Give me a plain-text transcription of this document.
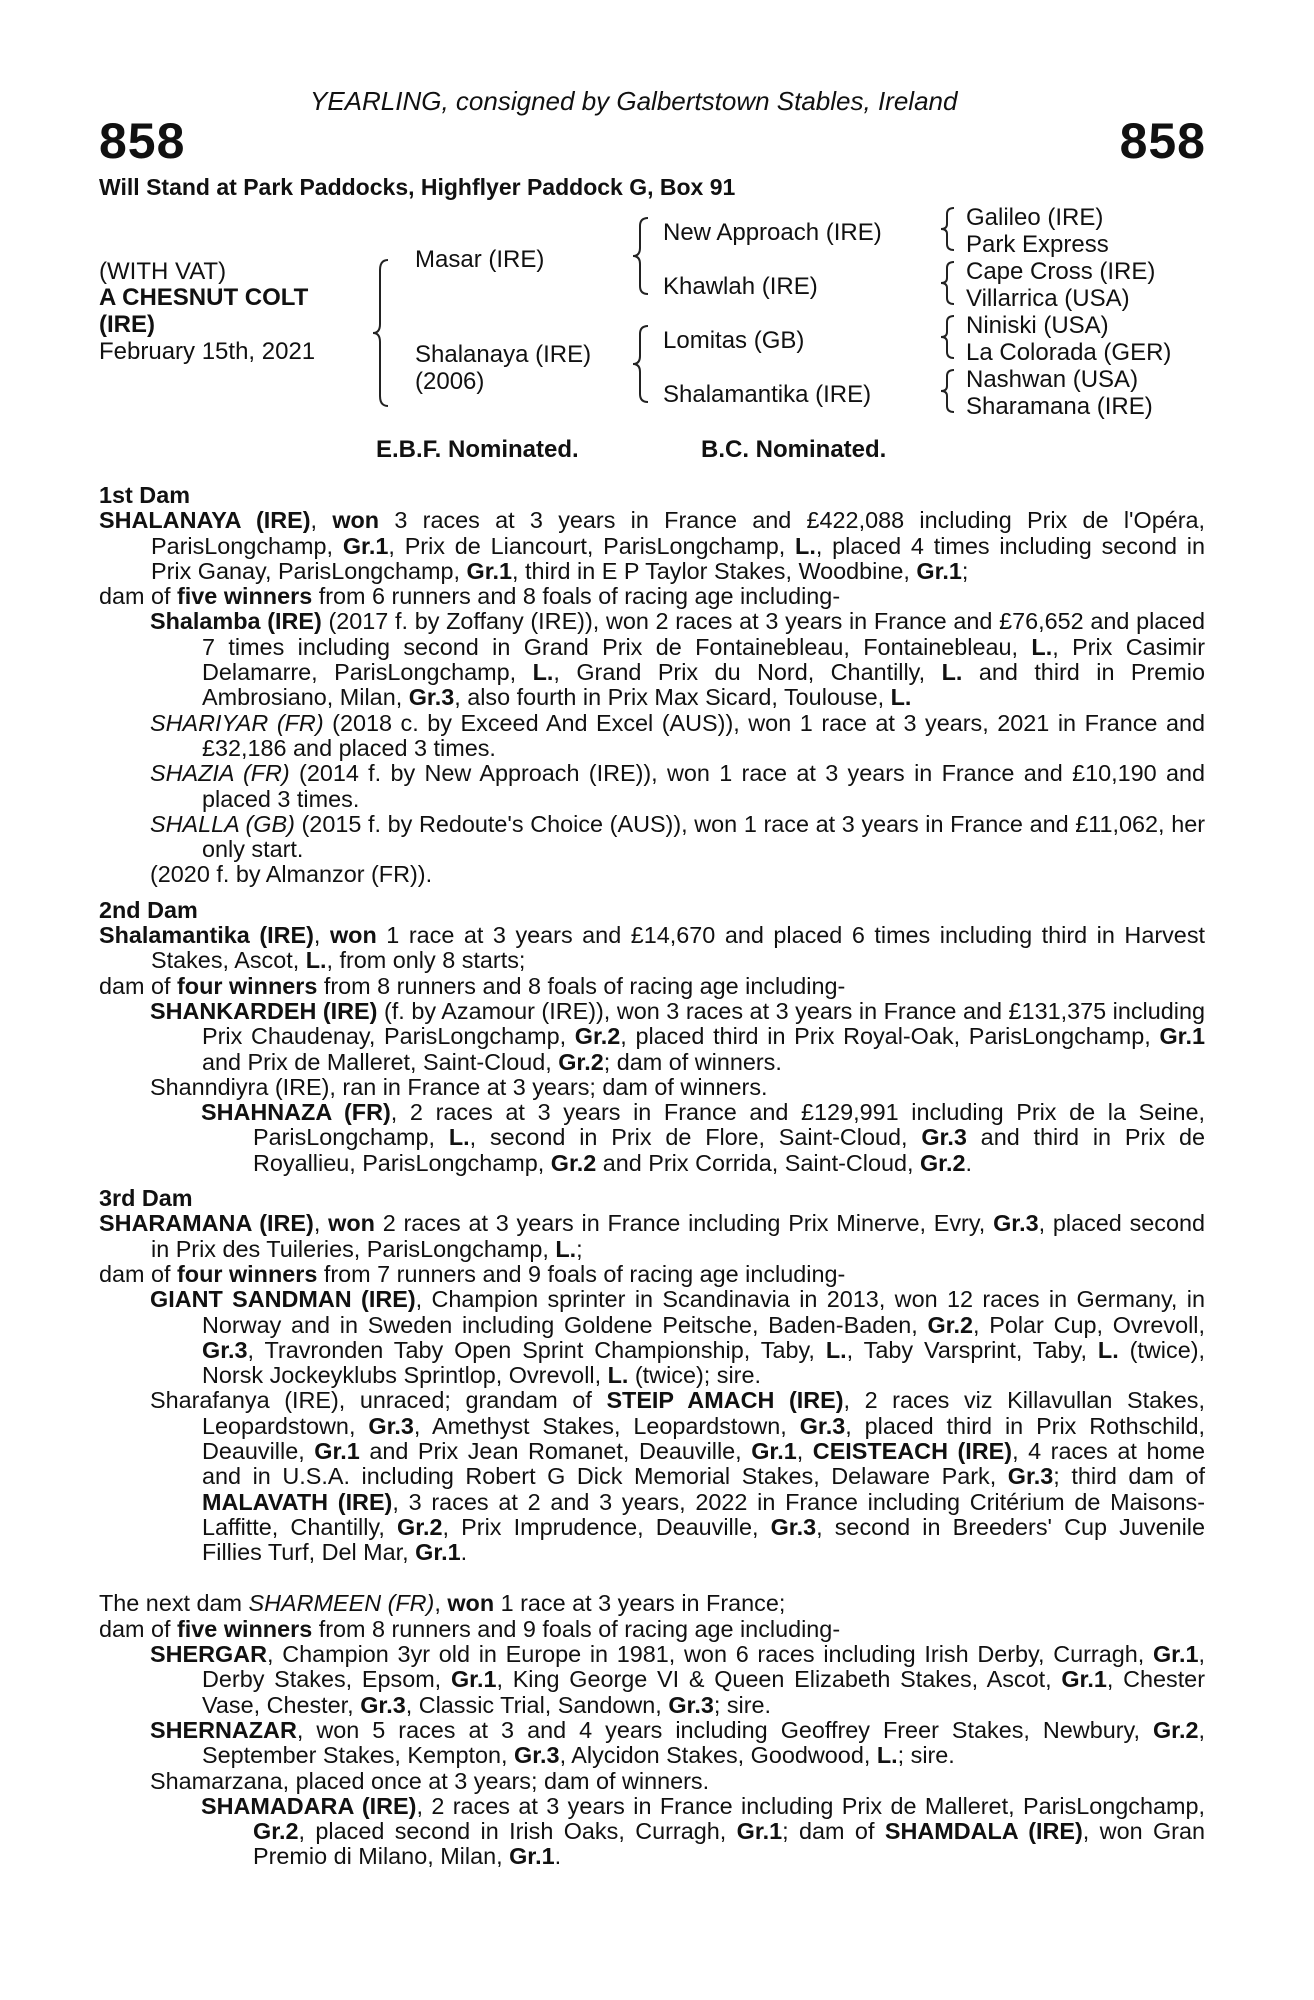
858	858
YEARLING, consigned by Galbertstown Stables, Ireland
Will Stand at Park Paddocks, Highflyer Paddock G, Box 91
(WITH VAT)
A CHESNUT COLT
(IRE)
February 15th, 2021
Masar (IRE)
Shalanaya (IRE)
(2006)
New Approach (IRE)
Khawlah (IRE)
Lomitas (GB)
Shalamantika (IRE)
Galileo (IRE)
Park Express
Cape Cross (IRE)
Villarrica (USA)
Niniski (USA)
La Colorada (GER)
Nashwan (USA)
Sharamana (IRE)
E.B.F. Nominated.	B.C. Nominated.
1st Dam
SHALANAYA (IRE), won 3 races at 3 years in France and £422,088 including Prix de l'Opéra, ParisLongchamp, Gr.1, Prix de Liancourt, ParisLongchamp, L., placed 4 times including second in Prix Ganay, ParisLongchamp, Gr.1, third in E P Taylor Stakes, Woodbine, Gr.1;
dam of five winners from 6 runners and 8 foals of racing age including-
Shalamba (IRE) (2017 f. by Zoffany (IRE)), won 2 races at 3 years in France and £76,652 and placed 7 times including second in Grand Prix de Fontainebleau, Fontainebleau, L., Prix Casimir Delamarre, ParisLongchamp, L., Grand Prix du Nord, Chantilly, L. and third in Premio Ambrosiano, Milan, Gr.3, also fourth in Prix Max Sicard, Toulouse, L.
SHARIYAR (FR) (2018 c. by Exceed And Excel (AUS)), won 1 race at 3 years, 2021 in France and £32,186 and placed 3 times.
SHAZIA (FR) (2014 f. by New Approach (IRE)), won 1 race at 3 years in France and £10,190 and placed 3 times.
SHALLA (GB) (2015 f. by Redoute's Choice (AUS)), won 1 race at 3 years in France and £11,062, her only start.
(2020 f. by Almanzor (FR)).
2nd Dam
Shalamantika (IRE), won 1 race at 3 years and £14,670 and placed 6 times including third in Harvest Stakes, Ascot, L., from only 8 starts;
dam of four winners from 8 runners and 8 foals of racing age including-
SHANKARDEH (IRE) (f. by Azamour (IRE)), won 3 races at 3 years in France and £131,375 including Prix Chaudenay, ParisLongchamp, Gr.2, placed third in Prix Royal-Oak, ParisLongchamp, Gr.1 and Prix de Malleret, Saint-Cloud, Gr.2; dam of winners.
Shanndiyra (IRE), ran in France at 3 years; dam of winners.
SHAHNAZA (FR), 2 races at 3 years in France and £129,991 including Prix de la Seine, ParisLongchamp, L., second in Prix de Flore, Saint-Cloud, Gr.3 and third in Prix de Royallieu, ParisLongchamp, Gr.2 and Prix Corrida, Saint-Cloud, Gr.2.
3rd Dam
SHARAMANA (IRE), won 2 races at 3 years in France including Prix Minerve, Evry, Gr.3, placed second in Prix des Tuileries, ParisLongchamp, L.;
dam of four winners from 7 runners and 9 foals of racing age including-
GIANT SANDMAN (IRE), Champion sprinter in Scandinavia in 2013, won 12 races in Germany, in Norway and in Sweden including Goldene Peitsche, Baden-Baden, Gr.2, Polar Cup, Ovrevoll, Gr.3, Travronden Taby Open Sprint Championship, Taby, L., Taby Varsprint, Taby, L. (twice), Norsk Jockeyklubs Sprintlop, Ovrevoll, L. (twice); sire.
Sharafanya (IRE), unraced; grandam of STEIP AMACH (IRE), 2 races viz Killavullan Stakes, Leopardstown, Gr.3, Amethyst Stakes, Leopardstown, Gr.3, placed third in Prix Rothschild, Deauville, Gr.1 and Prix Jean Romanet, Deauville, Gr.1, CEISTEACH (IRE), 4 races at home and in U.S.A. including Robert G Dick Memorial Stakes, Delaware Park, Gr.3; third dam of MALAVATH (IRE), 3 races at 2 and 3 years, 2022 in France including Critérium de Maisons-Laffitte, Chantilly, Gr.2, Prix Imprudence, Deauville, Gr.3, second in Breeders' Cup Juvenile Fillies Turf, Del Mar, Gr.1.
The next dam SHARMEEN (FR), won 1 race at 3 years in France;
dam of five winners from 8 runners and 9 foals of racing age including-
SHERGAR, Champion 3yr old in Europe in 1981, won 6 races including Irish Derby, Curragh, Gr.1, Derby Stakes, Epsom, Gr.1, King George VI & Queen Elizabeth Stakes, Ascot, Gr.1, Chester Vase, Chester, Gr.3, Classic Trial, Sandown, Gr.3; sire.
SHERNAZAR, won 5 races at 3 and 4 years including Geoffrey Freer Stakes, Newbury, Gr.2, September Stakes, Kempton, Gr.3, Alycidon Stakes, Goodwood, L.; sire.
Shamarzana, placed once at 3 years; dam of winners.
SHAMADARA (IRE), 2 races at 3 years in France including Prix de Malleret, ParisLongchamp, Gr.2, placed second in Irish Oaks, Curragh, Gr.1; dam of SHAMDALA (IRE), won Gran Premio di Milano, Milan, Gr.1.
